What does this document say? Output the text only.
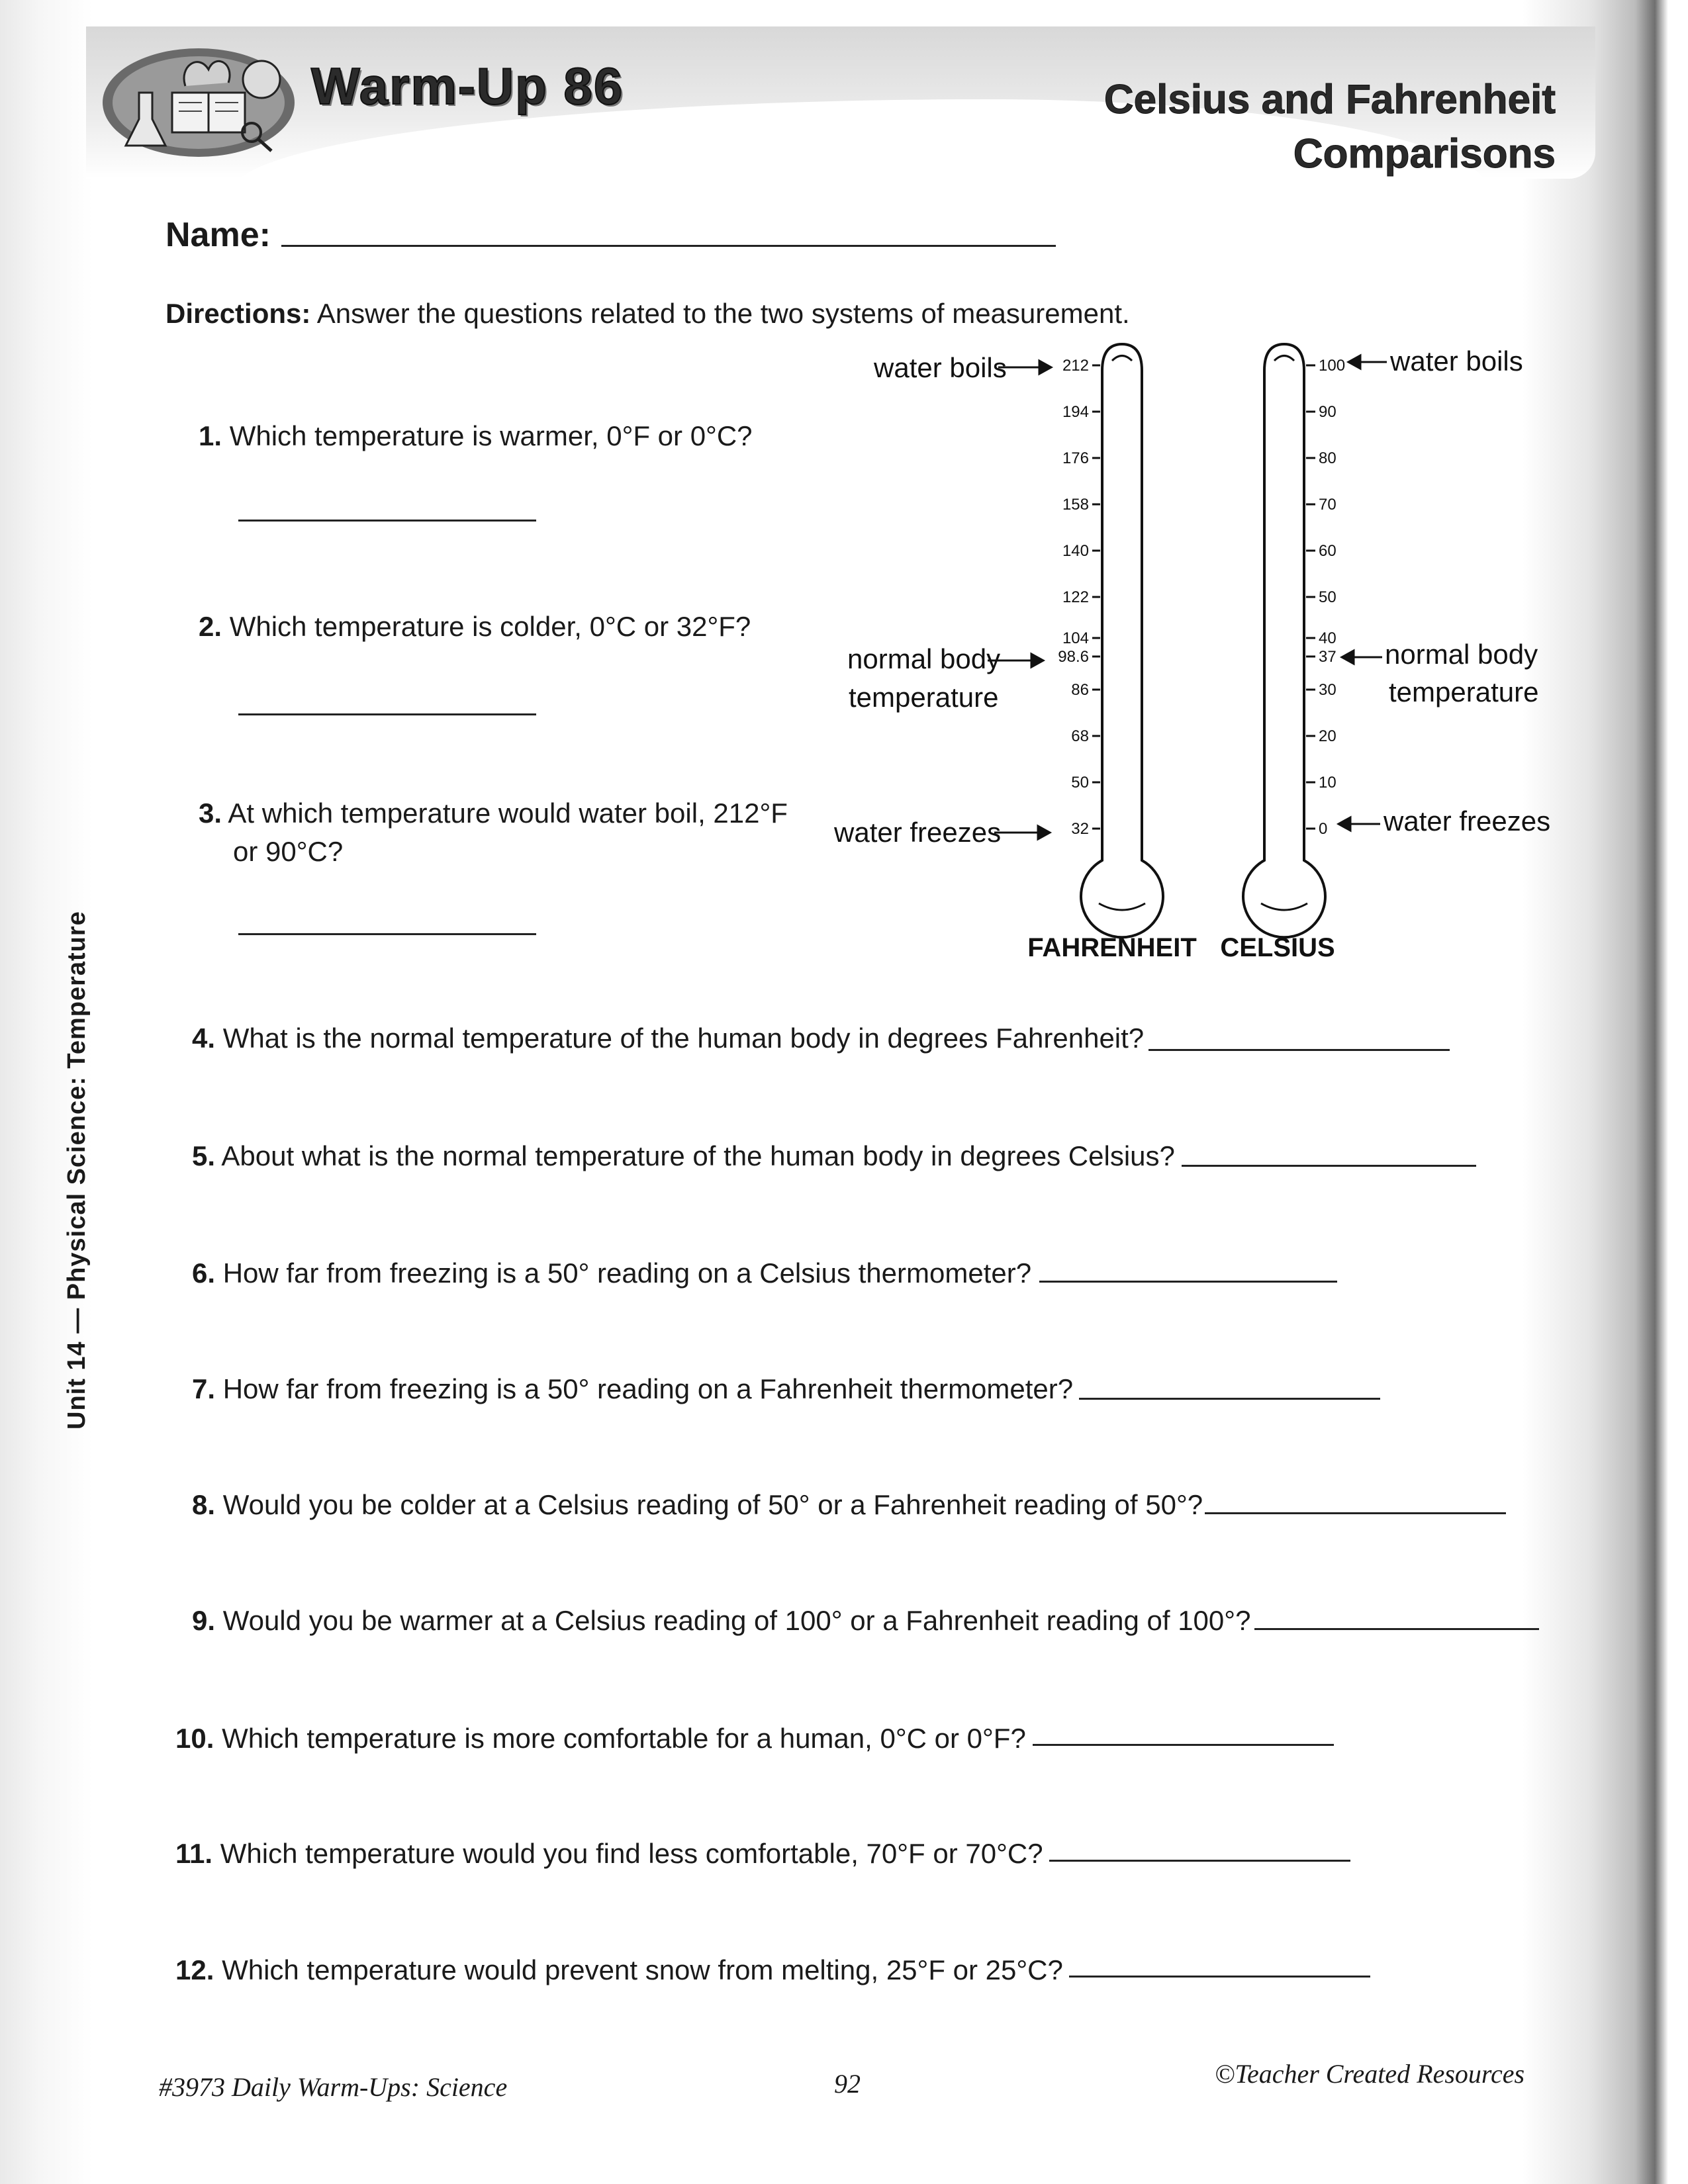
Warm-Up 86	Celsius and Fahrenheit
Comparisons
Name:
Directions: Answer the questions related to the two systems of measurement.
Unit 14 — Physical Science: Temperature
1. Which temperature is warmer, 0°F or 0°C?
2. Which temperature is colder, 0°C or 32°F?
3. At which temperature would water boil, 212°F
or 90°C?
212
194
176
158
140
122
104
98.6
86
68
50
32
100
90
80
70
60
50
40
37
30
20
10
0
water boils
normal body
temperature
water freezes
water boils
normal body
temperature
water freezes
FAHRENHEIT CELSIUS
4. What is the normal temperature of the human body in degrees Fahrenheit?
5. About what is the normal temperature of the human body in degrees Celsius?
6. How far from freezing is a 50° reading on a Celsius thermometer?
7. How far from freezing is a 50° reading on a Fahrenheit thermometer?
8. Would you be colder at a Celsius reading of 50° or a Fahrenheit reading of 50°?
9. Would you be warmer at a Celsius reading of 100° or a Fahrenheit reading of 100°?
10. Which temperature is more comfortable for a human, 0°C or 0°F?
11. Which temperature would you find less comfortable, 70°F or 70°C?
12. Which temperature would prevent snow from melting, 25°F or 25°C?
#3973 Daily Warm-Ups: Science	92	©Teacher Created Resources
